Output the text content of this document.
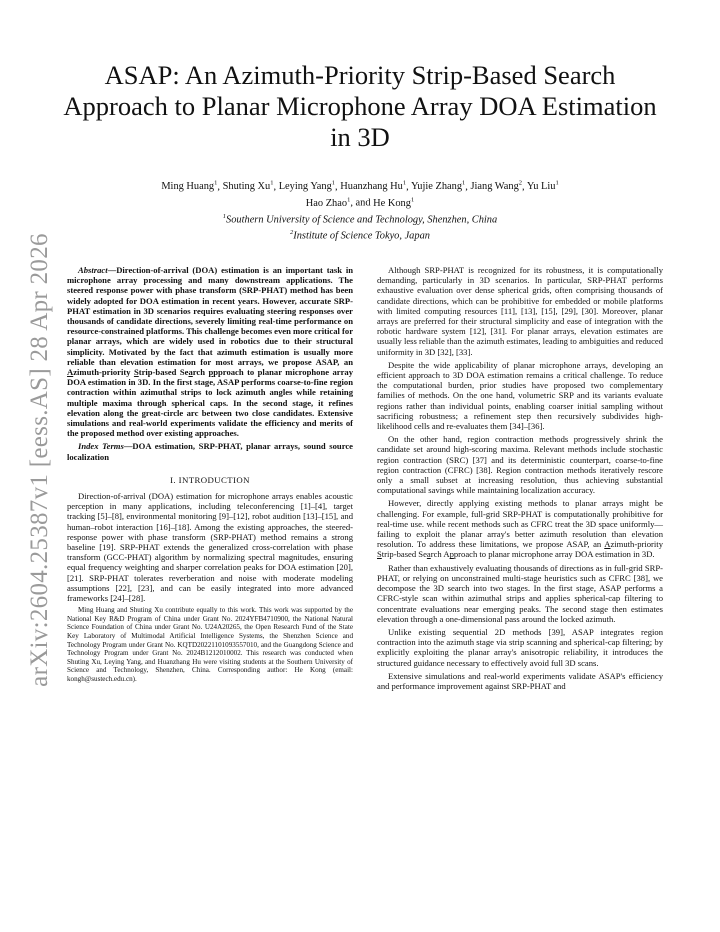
arXiv:2604.25387v1 [eess.AS] 28 Apr 2026
ASAP: An Azimuth-Priority Strip-Based Search Approach to Planar Microphone Array DOA Estimation in 3D
Ming Huang$^1$, Shuting Xu$^1$, Leying Yang$^1$, Huanzhang Hu$^1$, Yujie Zhang$^1$, Jiang Wang$^2$, Yu Liu$^1$
Hao Zhao$^1$, and He Kong$^1$
$^1$Southern University of Science and Technology, Shenzhen, China
$^2$Institute of Science Tokyo, Japan

Abstract—Direction-of-arrival (DOA) estimation is an important task in microphone array processing and many downstream applications. The steered response power with phase transform (SRP-PHAT) method has been widely adopted for DOA estimation in recent years. However, accurate SRP-PHAT estimation in 3D scenarios requires evaluating steering responses over thousands of candidate directions, severely limiting real-time performance on resource-constrained platforms. This challenge becomes even more critical for planar arrays, which are widely used in robotics due to their structural simplicity. Motivated by the fact that azimuth estimation is usually more reliable than elevation estimation for most arrays, we propose ASAP, an Azimuth-priority Strip-based Search ppproach to planar microphone array DOA estimation in 3D. In the first stage, ASAP performs coarse-to-fine region contraction within azimuthal strips to lock azimuth angles while retaining multiple maxima through spherical caps. In the second stage, it refines elevation along the great-circle arc between two close candidates. Extensive simulations and real-world experiments validate the efficiency and merits of the proposed method over existing approaches.

Index Terms—DOA estimation, SRP-PHAT, planar arrays, sound source localization

I. INTRODUCTION

Direction-of-arrival (DOA) estimation for microphone arrays enables acoustic perception in many applications, including teleconferencing [1]–[4], target tracking [5]–[8], environmental monitoring [9]–[12], robot audition [13]–[15], and human–robot interaction [16]–[18]. Among the existing approaches, the steered-response power with phase transform (SRP-PHAT) method remains a strong baseline [19]. SRP-PHAT extends the generalized cross-correlation with phase transform (GCC-PHAT) algorithm by normalizing spectral magnitudes, ensuring equal frequency weighting and sharper correlation peaks for DOA estimation [20], [21]. SRP-PHAT tolerates reverberation and noise with moderate modeling assumptions [22], [23], and can be easily integrated into more advanced frameworks [24]–[28].

Ming Huang and Shuting Xu contribute equally to this work. This work was supported by the National Key R&D Program of China under Grant No. 2024YFB4710900, the National Natural Science Foundation of China under Grant No. U24A20265, the Open Research Fund of the State Key Laboratory of Multimodal Artificial Intelligence Systems, the Shenzhen Science and Technology Program under Grant No. KQTD20221101093557010, and the Guangdong Science and Technology Program under Grant No. 2024B1212010002. This research was conducted when Shuting Xu, Leying Yang, and Huanzhang Hu were visiting students at the Southern University of Science and Technology, Shenzhen, China. Corresponding author: He Kong (email: kongh@sustech.edu.cn).

Although SRP-PHAT is recognized for its robustness, it is computationally demanding, particularly in 3D scenarios. In particular, SRP-PHAT performs exhaustive evaluation over dense spherical grids, often comprising thousands of candidate directions, which can be prohibitive for embedded or mobile platforms with limited computing resources [11], [13], [15], [29], [30]. Moreover, planar arrays are preferred for their structural simplicity and ease of integration with the robotic hardware system [12], [31]. For planar arrays, elevation estimates are usually less reliable than the azimuth estimates, leading to ambiguities and reduced uniformity in 3D [32], [33].

Despite the wide applicability of planar microphone arrays, developing an efficient approach to 3D DOA estimation remains a critical challenge. To reduce the computational burden, prior studies have proposed two complementary families of methods. On the one hand, volumetric SRP and its variants evaluate regions rather than individual points, enabling coarser initial sampling without sacrificing robustness; a refinement step then recursively subdivides high-likelihood cells and re-evaluates them [34]–[36].

On the other hand, region contraction methods progressively shrink the candidate set around high-scoring maxima. Relevant methods include stochastic region contraction (SRC) [37] and its deterministic counterpart, coarse-to-fine region contraction (CFRC) [38]. Region contraction methods iteratively rescore only a small subset at increasing resolution, thus achieving substantial computational savings while maintaining localization accuracy.

However, directly applying existing methods to planar arrays might be challenging. For example, full-grid SRP-PHAT is computationally prohibitive for real-time use. while recent methods such as CFRC treat the 3D space uniformly—failing to exploit the planar array's better azimuth resolution than elevation resolution. To address these limitations, we propose ASAP, an Azimuth-priority Strip-based Search Approach to planar microphone array DOA estimation in 3D.

Rather than exhaustively evaluating thousands of directions as in full-grid SRP-PHAT, or relying on unconstrained multi-stage heuristics such as CFRC [38], we decompose the 3D search into two stages. In the first stage, ASAP performs a CFRC-style scan within azimuthal strips and applies spherical-cap filtering to concentrate evaluations near emerging peaks. The second stage then estimates elevation through a one-dimensional pass around the locked azimuth.

Unlike existing sequential 2D methods [39], ASAP integrates region contraction into the azimuth stage via strip scanning and spherical-cap filtering; by explicitly exploiting the planar array's anisotropic reliability, it introduces the structured guidance necessary to effectively avoid full 3D scans.

Extensive simulations and real-world experiments validate ASAP's efficiency and performance improvement against SRP-PHAT and
